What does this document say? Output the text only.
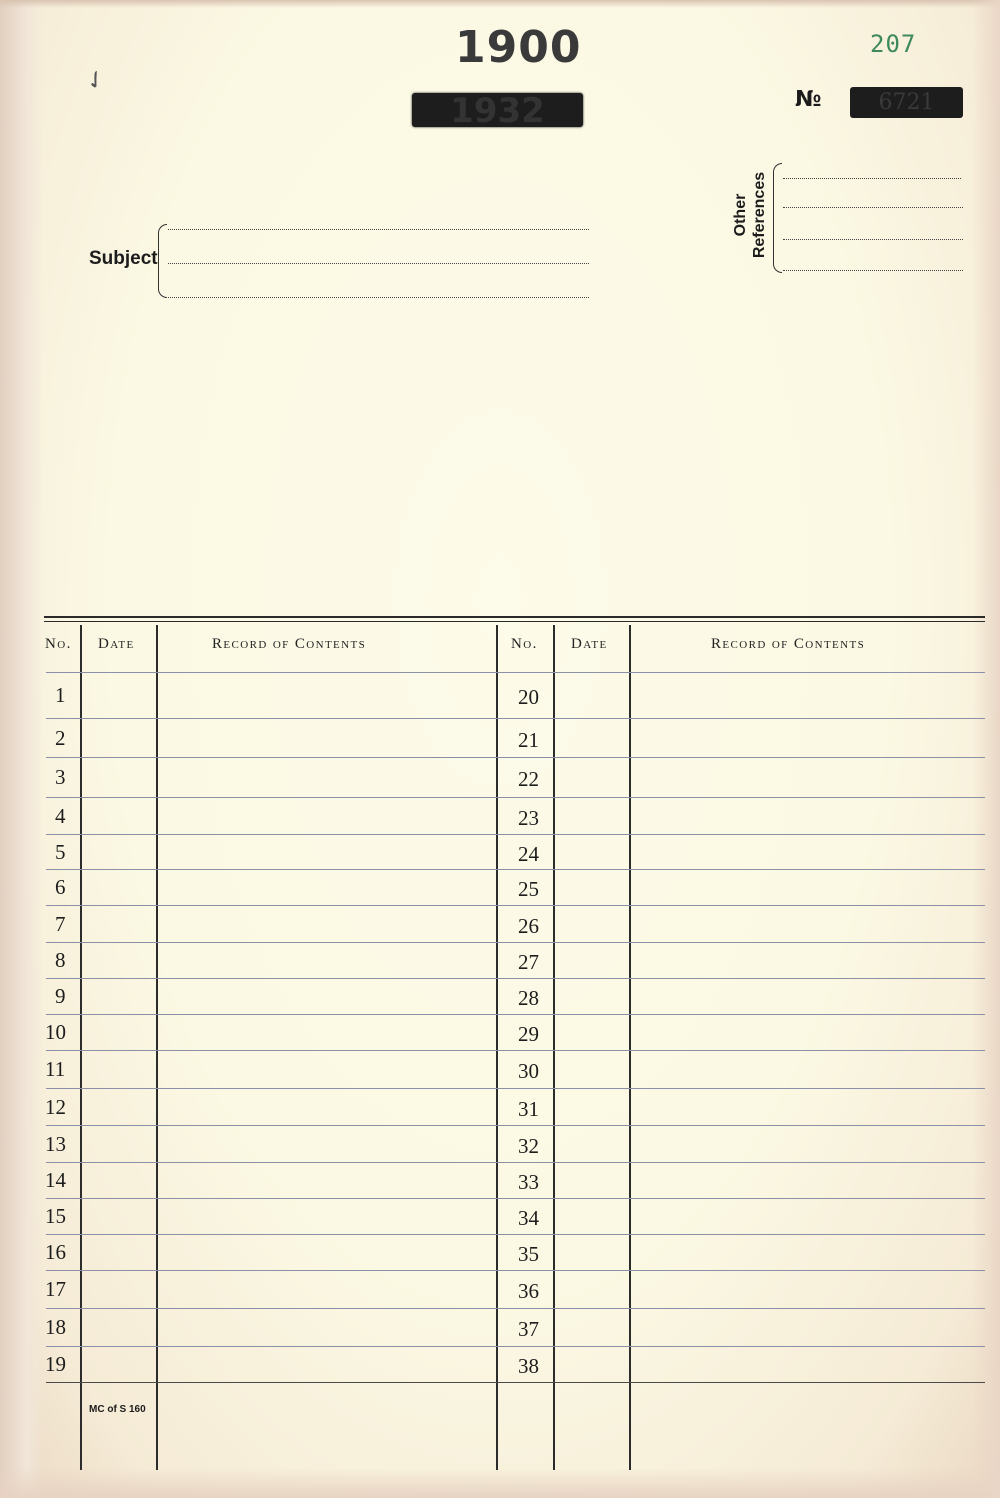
✓
1900
1932
207
№	6721
Subject
Other References
No. Date	Record of Contents	No. Date	Record of Contents
1	20
2	21
3	22
4	23
5	24
6	25
7	26
8	27
9	28
10	29
11	30
12	31
13	32
14	33
15	34
16	35
17	36
18	37
19	38
MC of S 160
